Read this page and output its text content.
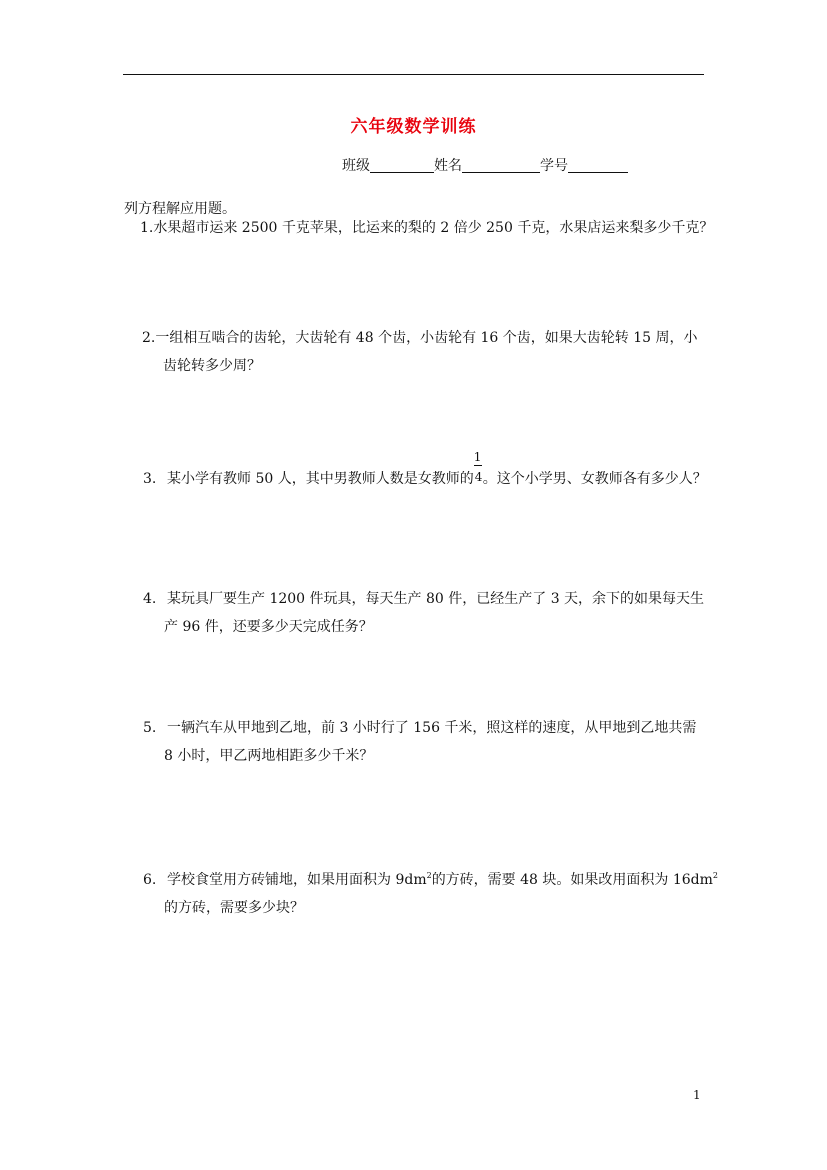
六年级数学训练
班级	姓名	学号
列方程解应用题。
1.水果超市运来 2500 千克苹果，比运来的梨的 2 倍少 250 千克，水果店运来梨多少千克？
2.一组相互啮合的齿轮，大齿轮有 48 个齿，小齿轮有 16 个齿，如果大齿轮转 15 周，小
齿轮转多少周？
3. 某小学有教师 50 人，其中男教师人数是女教师的 $\frac{1}{4}$ 。这个小学男、女教师各有多少人？
4. 某玩具厂要生产 1200 件玩具，每天生产 80 件，已经生产了 3 天，余下的如果每天生
产 96 件，还要多少天完成任务？
5. 一辆汽车从甲地到乙地，前 3 小时行了 156 千米，照这样的速度，从甲地到乙地共需
8 小时，甲乙两地相距多少千米？
6. 学校食堂用方砖铺地，如果用面积为 $9dm^2$的方砖，需要 48 块。如果改用面积为 $16dm^2$
的方砖，需要多少块？
1
